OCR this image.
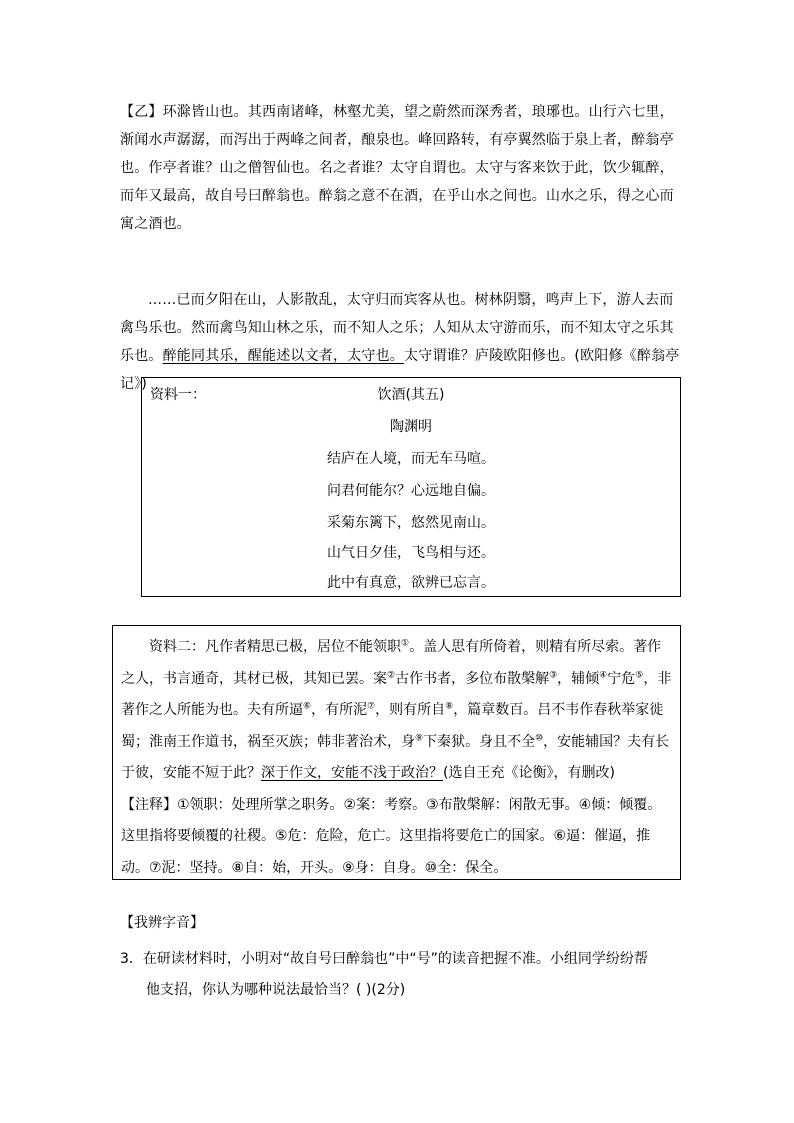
【乙】环滁皆山也。其西南诸峰，林壑尤美，望之蔚然而深秀者，琅琊也。山行六七里，渐闻水声潺潺，而泻出于两峰之间者，酿泉也。峰回路转，有亭翼然临于泉上者，醉翁亭也。作亭者谁？山之僧智仙也。名之者谁？太守自谓也。太守与客来饮于此，饮少辄醉，而年又最高，故自号曰醉翁也。醉翁之意不在酒，在乎山水之间也。山水之乐，得之心而寓之酒也。

……已而夕阳在山，人影散乱，太守归而宾客从也。树林阴翳，鸣声上下，游人去而禽鸟乐也。然而禽鸟知山林之乐，而不知人之乐；人知从太守游而乐，而不知太守之乐其乐也。醉能同其乐，醒能述以文者，太守也。太守谓谁？庐陵欧阳修也。(欧阳修《醉翁亭记》)

资料一：	饮酒(其五)
陶渊明
结庐在人境，而无车马喧。
问君何能尔？心远地自偏。
采菊东篱下，悠然见南山。
山气日夕佳，飞鸟相与还。
此中有真意，欲辨已忘言。

资料二：凡作者精思已极，居位不能领职①。盖人思有所倚着，则精有所尽索。著作之人，书言通奇，其材已极，其知已罢。案②古作书者，多位布散槃解③，辅倾④宁危⑤，非著作之人所能为也。夫有所逼⑥，有所泥⑦，则有所自⑧，篇章数百。吕不韦作春秋举家徙蜀；淮南王作道书，祸至灭族；韩非著治术，身⑨下秦狱。身且不全⑩，安能辅国？夫有长于彼，安能不短于此？深于作文，安能不浅于政治？(选自王充《论衡》，有删改)

【注释】①领职：处理所掌之职务。②案：考察。③布散槃解：闲散无事。④倾：倾覆。这里指将要倾覆的社稷。⑤危：危险，危亡。这里指将要危亡的国家。⑥逼：催逼，推动。⑦泥：坚持。⑧自：始，开头。⑨身：自身。⑩全：保全。

【我辨字音】

3．在研读材料时，小明对“故自号曰醉翁也”中“号”的读音把握不准。小组同学纷纷帮

他支招，你认为哪种说法最恰当？( )(2分)
